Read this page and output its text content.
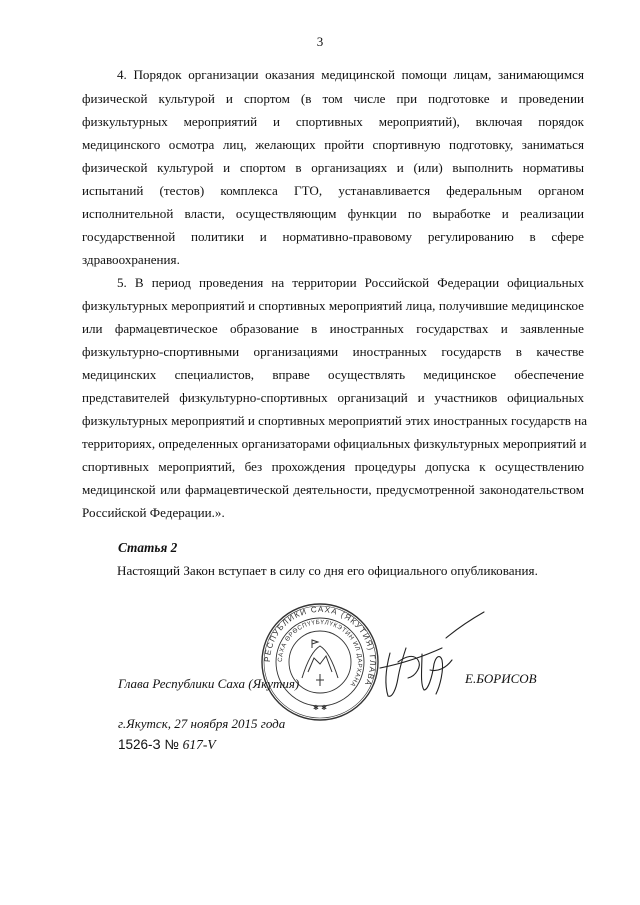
3
4. Порядок организации оказания медицинской помощи лицам, занимающимся
физической культурой и спортом (в том числе при подготовке и проведении
физкультурных мероприятий и спортивных мероприятий), включая порядок
медицинского осмотра лиц, желающих пройти спортивную подготовку, заниматься
физической культурой и спортом в организациях и (или) выполнить нормативы
испытаний (тестов) комплекса ГТО, устанавливается федеральным органом
исполнительной власти, осуществляющим функции по выработке и реализации
государственной политики и нормативно-правовому регулированию в сфере
здравоохранения.
5. В период проведения на территории Российской Федерации официальных
физкультурных мероприятий и спортивных мероприятий лица, получившие медицинское
или фармацевтическое образование в иностранных государствах и заявленные
физкультурно-спортивными организациями иностранных государств в качестве
медицинских специалистов, вправе осуществлять медицинское обеспечение
представителей физкультурно-спортивных организаций и участников официальных
физкультурных мероприятий и спортивных мероприятий этих иностранных государств на
территориях, определенных организаторами официальных физкультурных мероприятий и
спортивных мероприятий, без прохождения процедуры допуска к осуществлению
медицинской или фармацевтической деятельности, предусмотренной законодательством
Российской Федерации.».
Статья 2
Настоящий Закон вступает в силу со дня его официального опубликования.
РЕСПУБЛИКИ САХА (ЯКУТИЯ) ГЛАВА
САХА ӨРӨСПҮҮБҮЛҮКЭТИН ИЛ ДАРХАНА
✱ ✱
Глава Республики Саха (Якутия)	Е.БОРИСОВ
г.Якутск, 27 ноября 2015 года
1526-З № 617-V
